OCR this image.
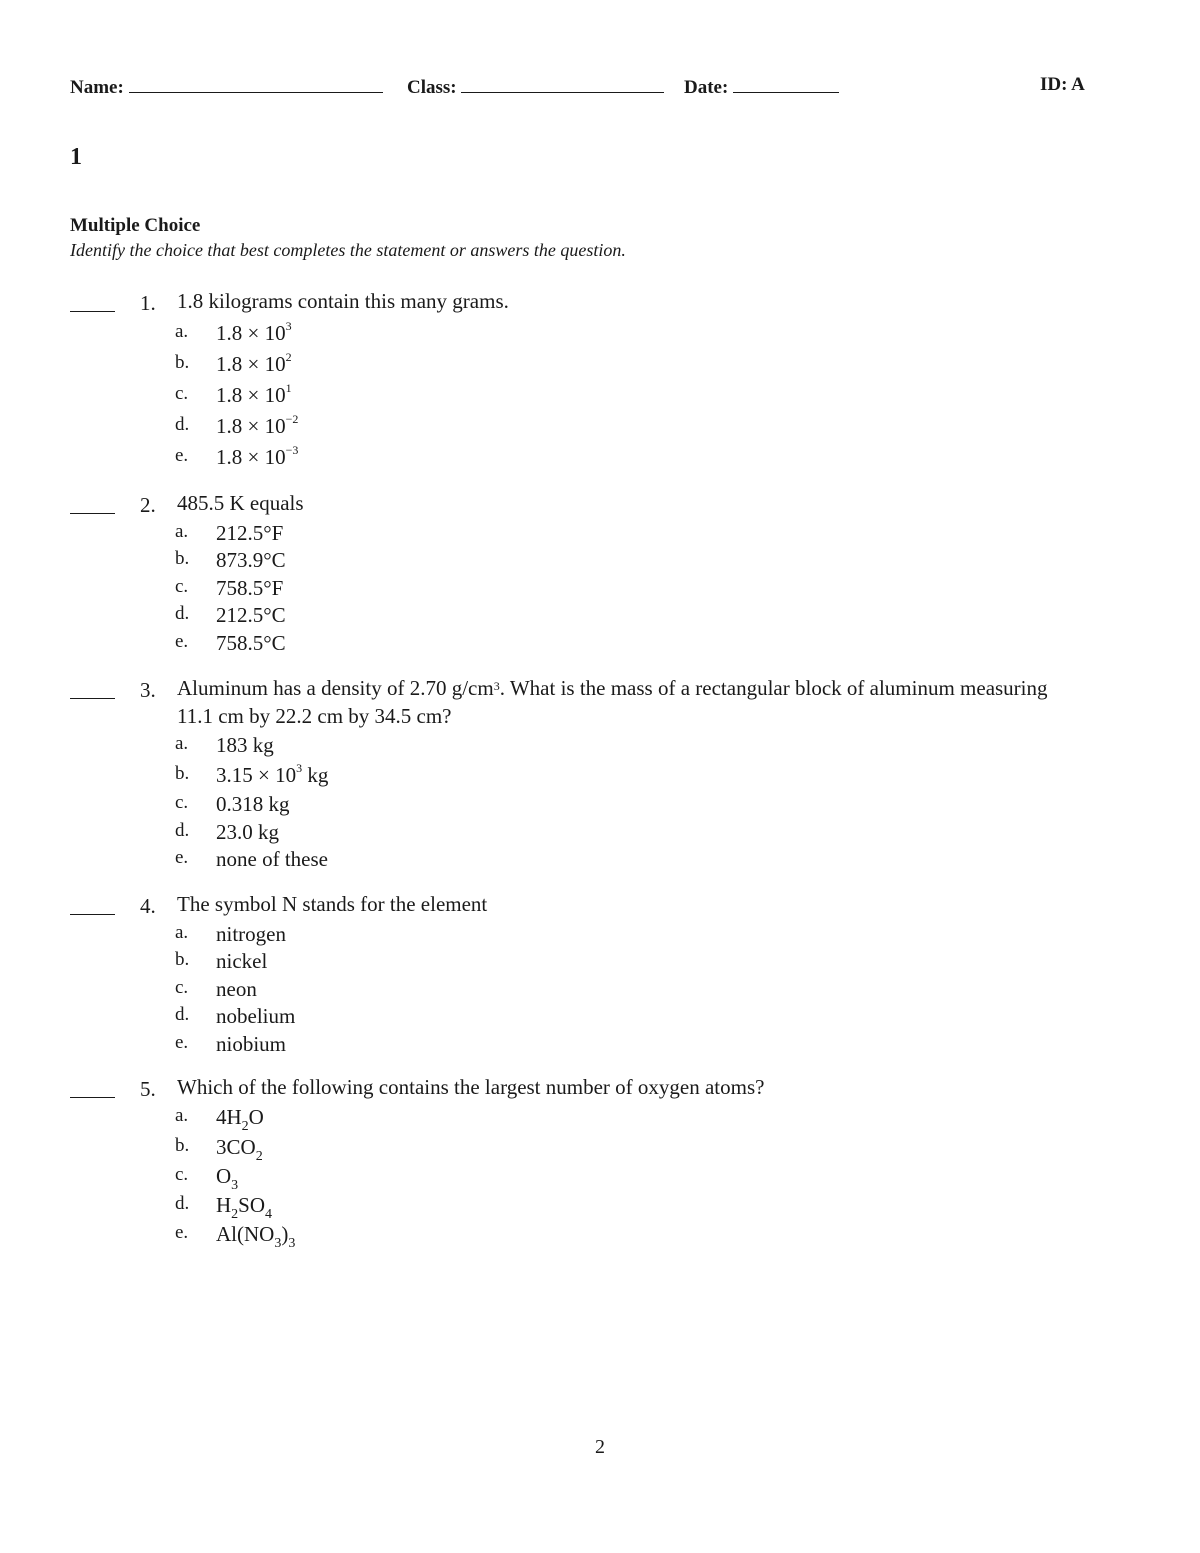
Name:	Class:	Date:	ID: A
1
Multiple Choice
Identify the choice that best completes the statement or answers the question.
1. 1.8 kilograms contain this many grams.
a. $1.8 \times 10^3$
b. $1.8 \times 10^2$
c. $1.8 \times 10^1$
d. $1.8 \times 10^{-2}$
e. $1.8 \times 10^{-3}$
2. 485.5 K equals
a. 212.5°F
b. 873.9°C
c. 758.5°F
d. 212.5°C
e. 758.5°C
3. Aluminum has a density of 2.70 $g/cm^3$. What is the mass of a rectangular block of aluminum measuring 11.1 cm by 22.2 cm by 34.5 cm?
a. 183 kg
b. $3.15 \times 10^3$ kg
c. 0.318 kg
d. 23.0 kg
e. none of these
4. The symbol N stands for the element
a. nitrogen
b. nickel
c. neon
d. nobelium
e. niobium
5. Which of the following contains the largest number of oxygen atoms?
a. $4H_2O$
b. $3CO_2$
c. $O_3$
d. $H_2SO_4$
e. $Al(NO_3)_3$
2
